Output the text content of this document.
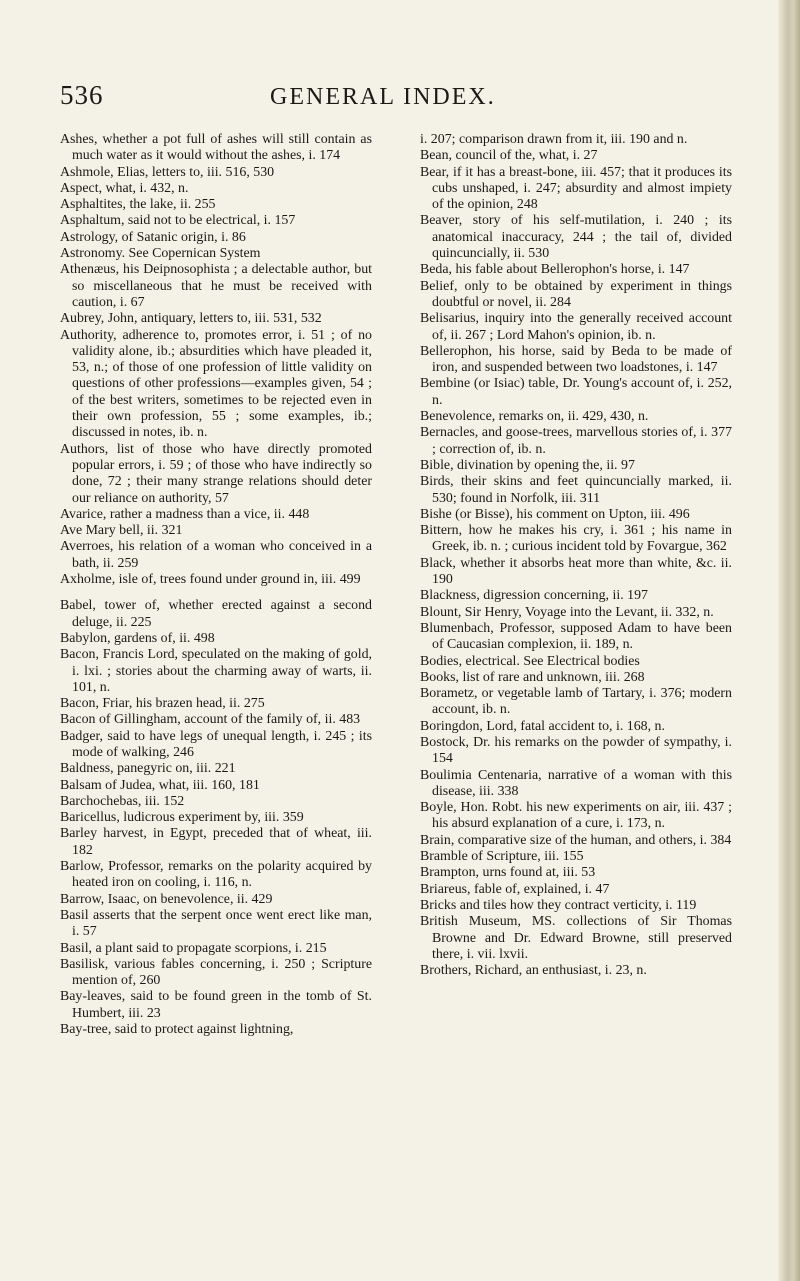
536	GENERAL INDEX.

Ashes, whether a pot full of ashes will still contain as much water as it would without the ashes, i. 174

Ashmole, Elias, letters to, iii. 516, 530

Aspect, what, i. 432, n.

Asphaltites, the lake, ii. 255

Asphaltum, said not to be electrical, i. 157

Astrology, of Satanic origin, i. 86

Astronomy. See Copernican System

Athenæus, his Deipnosophista ; a delectable author, but so miscellaneous that he must be received with caution, i. 67

Aubrey, John, antiquary, letters to, iii. 531, 532

Authority, adherence to, promotes error, i. 51 ; of no validity alone, ib.; absurdities which have pleaded it, 53, n.; of those of one profession of little validity on questions of other professions—examples given, 54 ; of the best writers, sometimes to be rejected even in their own profession, 55 ; some examples, ib.; discussed in notes, ib. n.

Authors, list of those who have directly promoted popular errors, i. 59 ; of those who have indirectly so done, 72 ; their many strange relations should deter our reliance on authority, 57

Avarice, rather a madness than a vice, ii. 448

Ave Mary bell, ii. 321

Averroes, his relation of a woman who conceived in a bath, ii. 259

Axholme, isle of, trees found under ground in, iii. 499

Babel, tower of, whether erected against a second deluge, ii. 225

Babylon, gardens of, ii. 498

Bacon, Francis Lord, speculated on the making of gold, i. lxi. ; stories about the charming away of warts, ii. 101, n.

Bacon, Friar, his brazen head, ii. 275

Bacon of Gillingham, account of the family of, ii. 483

Badger, said to have legs of unequal length, i. 245 ; its mode of walking, 246

Baldness, panegyric on, iii. 221

Balsam of Judea, what, iii. 160, 181

Barchochebas, iii. 152

Baricellus, ludicrous experiment by, iii. 359

Barley harvest, in Egypt, preceded that of wheat, iii. 182

Barlow, Professor, remarks on the polarity acquired by heated iron on cooling, i. 116, n.

Barrow, Isaac, on benevolence, ii. 429

Basil asserts that the serpent once went erect like man, i. 57

Basil, a plant said to propagate scorpions, i. 215

Basilisk, various fables concerning, i. 250 ; Scripture mention of, 260

Bay-leaves, said to be found green in the tomb of St. Humbert, iii. 23

Bay-tree, said to protect against lightning,

i. 207; comparison drawn from it, iii. 190 and n.

Bean, council of the, what, i. 27

Bear, if it has a breast-bone, iii. 457; that it produces its cubs unshaped, i. 247; absurdity and almost impiety of the opinion, 248

Beaver, story of his self-mutilation, i. 240 ; its anatomical inaccuracy, 244 ; the tail of, divided quincuncially, ii. 530

Beda, his fable about Bellerophon's horse, i. 147

Belief, only to be obtained by experiment in things doubtful or novel, ii. 284

Belisarius, inquiry into the generally received account of, ii. 267 ; Lord Mahon's opinion, ib. n.

Bellerophon, his horse, said by Beda to be made of iron, and suspended between two loadstones, i. 147

Bembine (or Isiac) table, Dr. Young's account of, i. 252, n.

Benevolence, remarks on, ii. 429, 430, n.

Bernacles, and goose-trees, marvellous stories of, i. 377 ; correction of, ib. n.

Bible, divination by opening the, ii. 97

Birds, their skins and feet quincuncially marked, ii. 530; found in Norfolk, iii. 311

Bishe (or Bisse), his comment on Upton, iii. 496

Bittern, how he makes his cry, i. 361 ; his name in Greek, ib. n. ; curious incident told by Fovargue, 362

Black, whether it absorbs heat more than white, &c. ii. 190

Blackness, digression concerning, ii. 197

Blount, Sir Henry, Voyage into the Levant, ii. 332, n.

Blumenbach, Professor, supposed Adam to have been of Caucasian complexion, ii. 189, n.

Bodies, electrical. See Electrical bodies

Books, list of rare and unknown, iii. 268

Borametz, or vegetable lamb of Tartary, i. 376; modern account, ib. n.

Boringdon, Lord, fatal accident to, i. 168, n.

Bostock, Dr. his remarks on the powder of sympathy, i. 154

Boulimia Centenaria, narrative of a woman with this disease, iii. 338

Boyle, Hon. Robt. his new experiments on air, iii. 437 ; his absurd explanation of a cure, i. 173, n.

Brain, comparative size of the human, and others, i. 384

Bramble of Scripture, iii. 155

Brampton, urns found at, iii. 53

Briareus, fable of, explained, i. 47

Bricks and tiles how they contract verticity, i. 119

British Museum, MS. collections of Sir Thomas Browne and Dr. Edward Browne, still preserved there, i. vii. lxvii.

Brothers, Richard, an enthusiast, i. 23, n.
